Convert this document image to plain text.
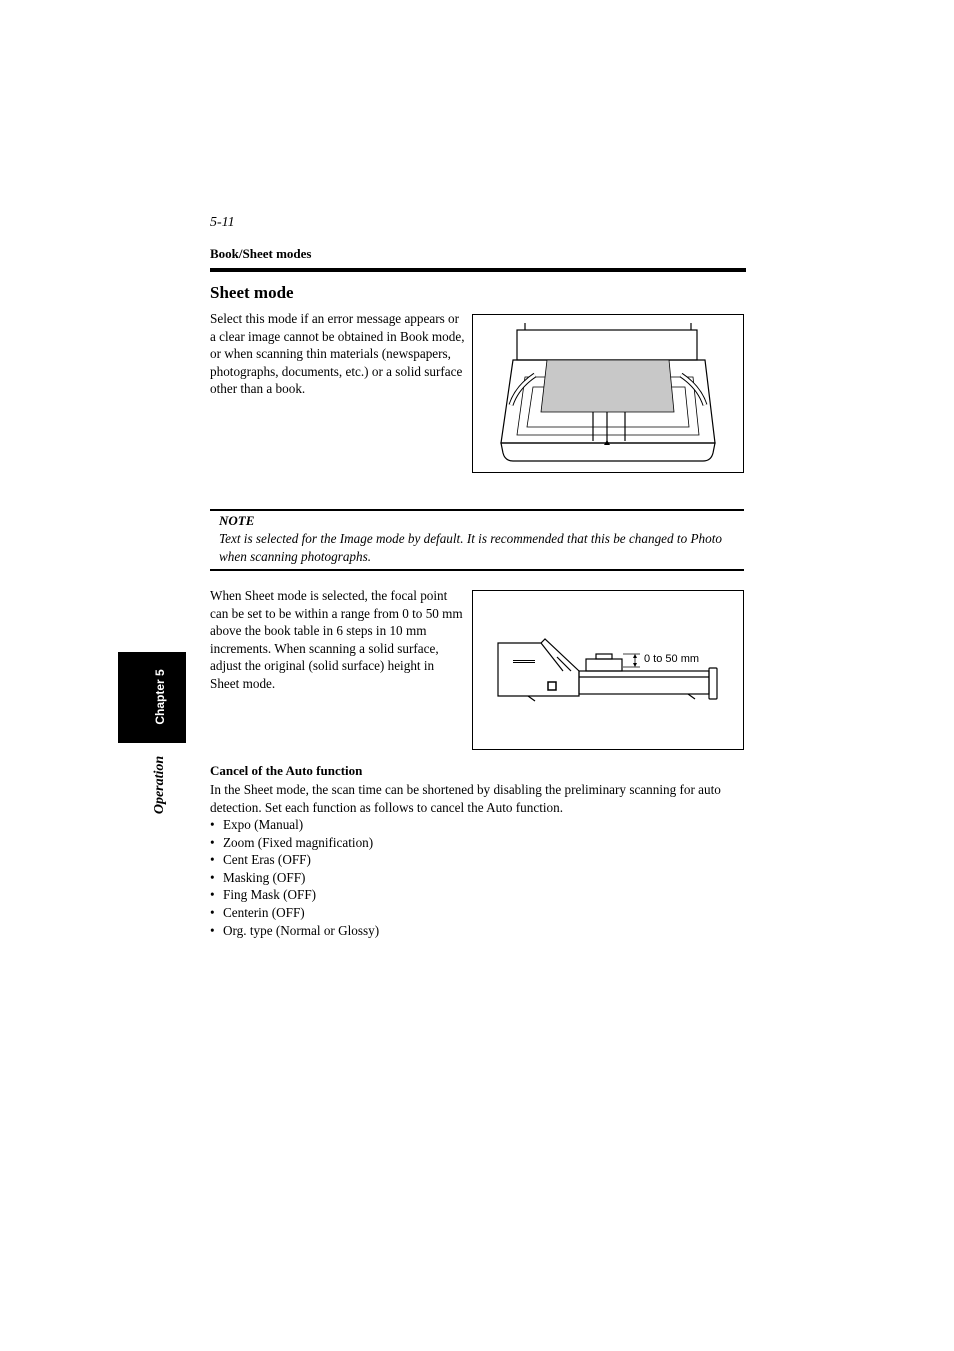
5-11
Book/Sheet modes
Sheet mode
Select this mode if an error message appears or a clear image cannot be obtained in Book mode, or when scanning thin materials (newspapers, photographs, documents, etc.) or a solid surface other than a book.
NOTE
Text is selected for the Image mode by default. It is recommended that this be changed to Photo when scanning photographs.
When Sheet mode is selected, the focal point can be set to be within a range from 0 to 50 mm above the book table in 6 steps in 10 mm increments. When scanning a solid surface, adjust the original (solid surface) height in Sheet mode.
0 to 50 mm
Cancel of the Auto function
In the Sheet mode, the scan time can be shortened by disabling the preliminary scanning for auto detection. Set each function as follows to cancel the Auto function.
• Expo (Manual)
• Zoom (Fixed magnification)
• Cent Eras (OFF)
• Masking (OFF)
• Fing Mask (OFF)
• Centerin (OFF)
• Org. type (Normal or Glossy)
Chapter 5
Operation
